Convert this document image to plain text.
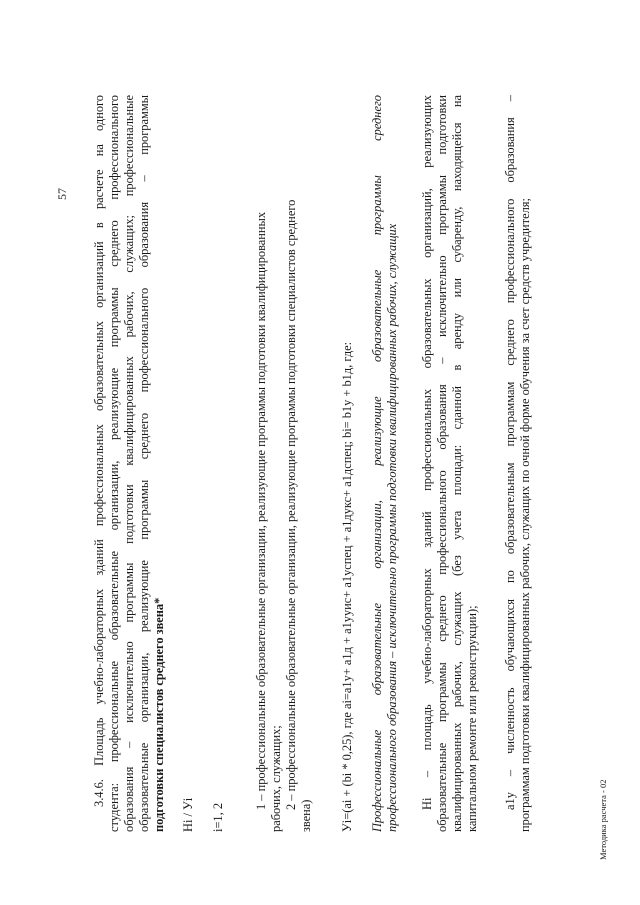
57 3.4.6. Площадь учебно-лабораторных зданий профессиональных образовательных организаций в расчете на одного студента: профессиональные образовательные организации, реализующие программы среднего профессионального образования – исключительно программы подготовки квалифицированных рабочих, служащих; профессиональные образовательные организации, реализующие программы среднего профессионального образования – программы подготовки специалистов среднего звена* Hi / Уi i=1, 2
1 – профессиональные образовательные организации, реализующие программы подготовки квалифицированных рабочих, служащих; 2 – профессиональные образовательные организации, реализующие программы подготовки специалистов среднего
звена) Уi=(ai + (bi * 0,25), где ai=a1у+ a1д + a1ууис+ a1успец + a1дукс+ a1дспец; bi= b1у + b1д, где: Профессиональные образовательные организации, реализующие образовательные программы среднего профессионального образования – исключительно программы подготовки квалифицированных рабочих, служащих Hi – площадь учебно-лабораторных зданий профессиональных образовательных организаций, реализующих образовательные программы среднего профессионального образования – исключительно программы подготовки квалифицированных рабочих, служащих (без учета площади: сданной в аренду или субаренду, находящейся на капитальном ремонте или реконструкции); a1у – численность обучающихся по образовательным программам среднего профессионального образования – программам подготовки квалифицированных рабочих, служащих по очной форме обучения за счет средств учредителя;	Методика расчета - 02
